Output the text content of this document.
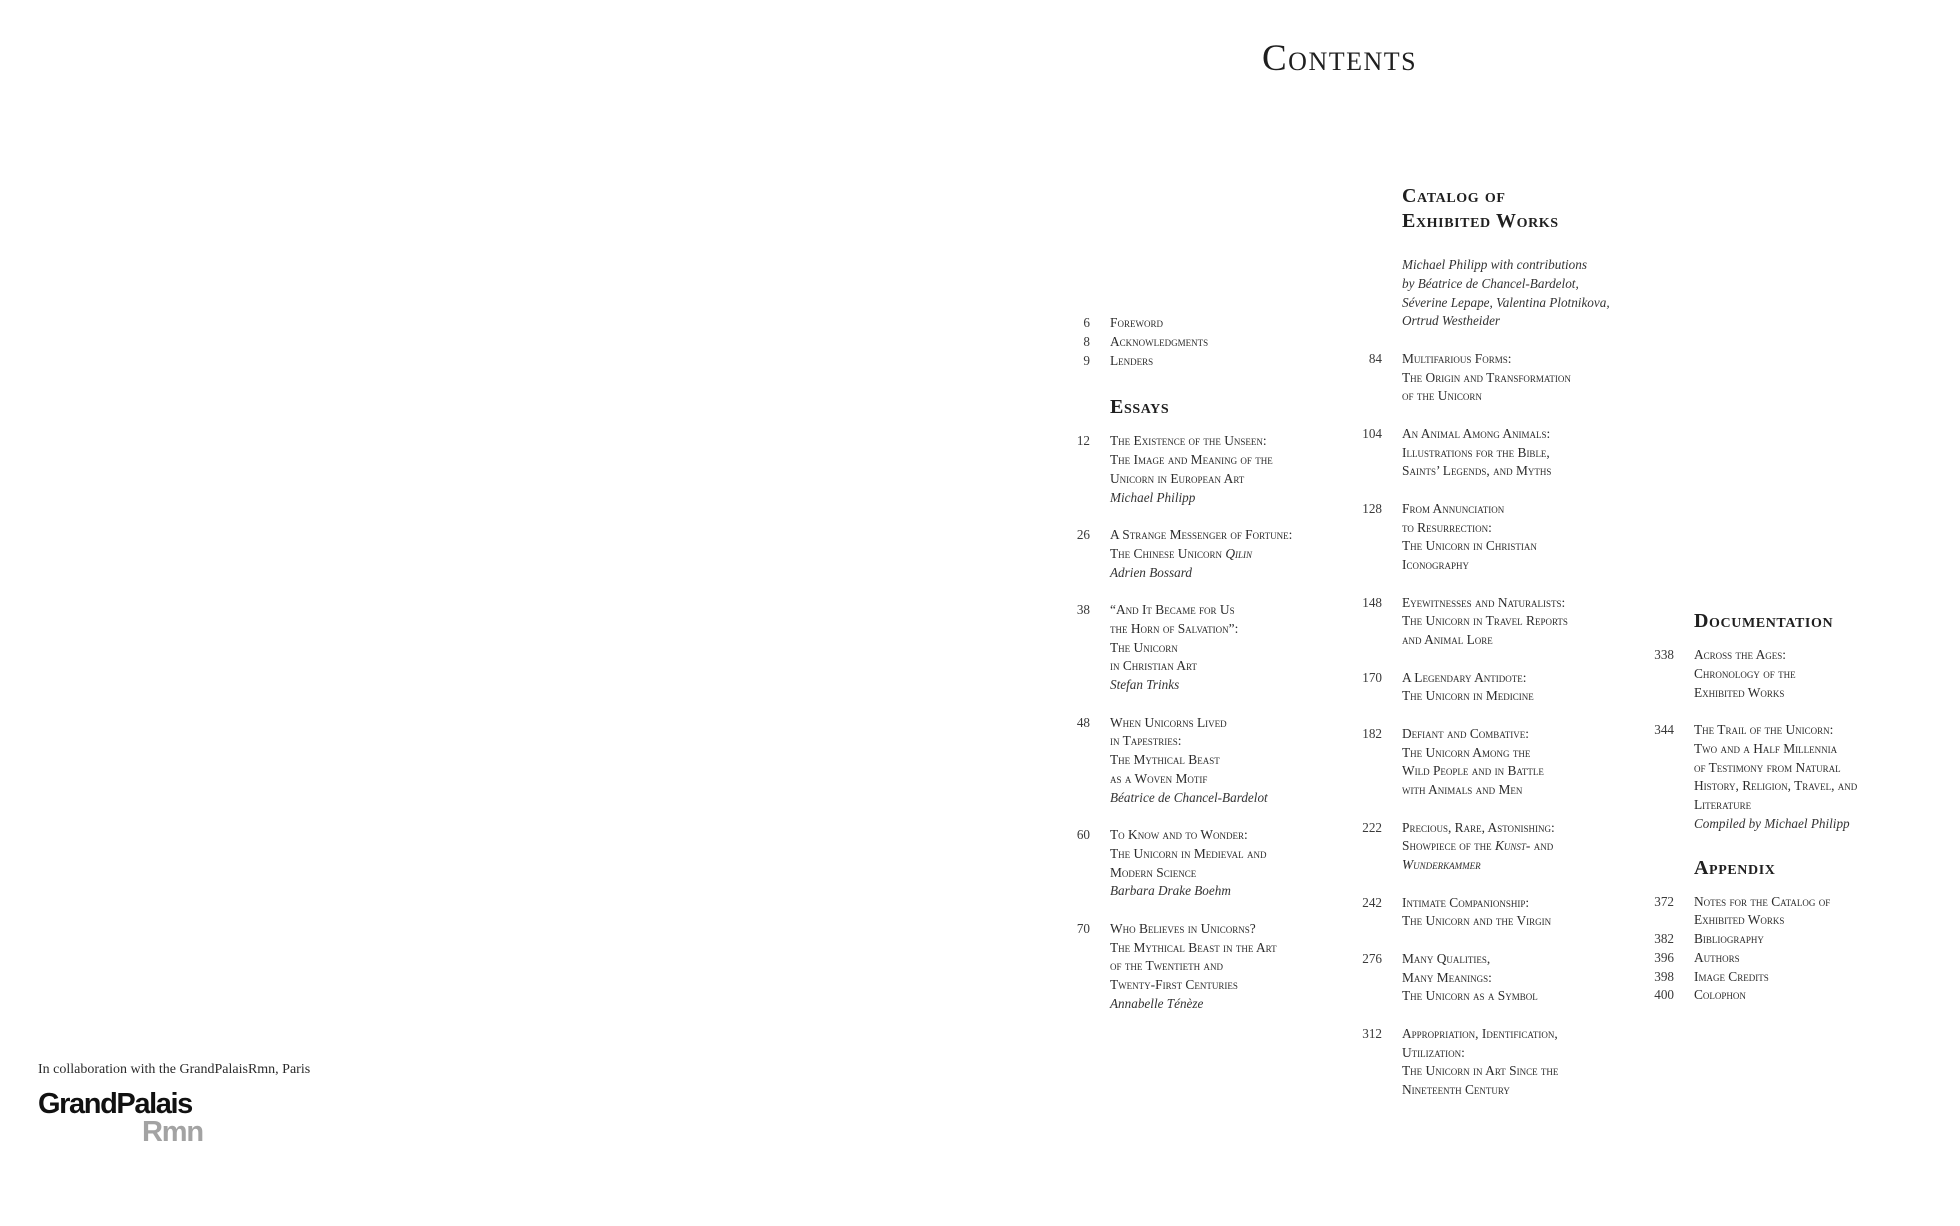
Contents
6 Foreword
8 Acknowledgments
9 Lenders
Essays
12 The Existence of the Unseen:
The Image and Meaning of the
Unicorn in European Art
Michael Philipp
26 A Strange Messenger of Fortune:
The Chinese Unicorn Qilin
Adrien Bossard
38 “And It Became for Us
the Horn of Salvation”:
The Unicorn
in Christian Art
Stefan Trinks
48 When Unicorns Lived
in Tapestries:
The Mythical Beast
as a Woven Motif
Béatrice de Chancel-Bardelot
60 To Know and to Wonder:
The Unicorn in Medieval and
Modern Science
Barbara Drake Boehm
70 Who Believes in Unicorns?
The Mythical Beast in the Art
of the Twentieth and
Twenty-First Centuries
Annabelle Ténèze
Catalog of
Exhibited Works
Michael Philipp with contributions
by Béatrice de Chancel-Bardelot,
Séverine Lepape, Valentina Plotnikova,
Ortrud Westheider
84 Multifarious Forms:
The Origin and Transformation
of the Unicorn
104 An Animal Among Animals:
Illustrations for the Bible,
Saints’ Legends, and Myths
128 From Annunciation
to Resurrection:
The Unicorn in Christian
Iconography
148 Eyewitnesses and Naturalists:
The Unicorn in Travel Reports
and Animal Lore
170 A Legendary Antidote:
The Unicorn in Medicine
182 Defiant and Combative:
The Unicorn Among the
Wild People and in Battle
with Animals and Men
222 Precious, Rare, Astonishing:
Showpiece of the Kunst- and
Wunderkammer
242 Intimate Companionship:
The Unicorn and the Virgin
276 Many Qualities,
Many Meanings:
The Unicorn as a Symbol
312 Appropriation, Identification,
Utilization:
The Unicorn in Art Since the
Nineteenth Century
Documentation
338 Across the Ages:
Chronology of the
Exhibited Works
344 The Trail of the Unicorn:
Two and a Half Millennia
of Testimony from Natural
History, Religion, Travel, and
Literature
Compiled by Michael Philipp
Appendix
372 Notes for the Catalog of
Exhibited Works
382 Bibliography
396 Authors
398 Image Credits
400 Colophon
In collaboration with the GrandPalaisRmn, Paris
GrandPalais
Rmn
